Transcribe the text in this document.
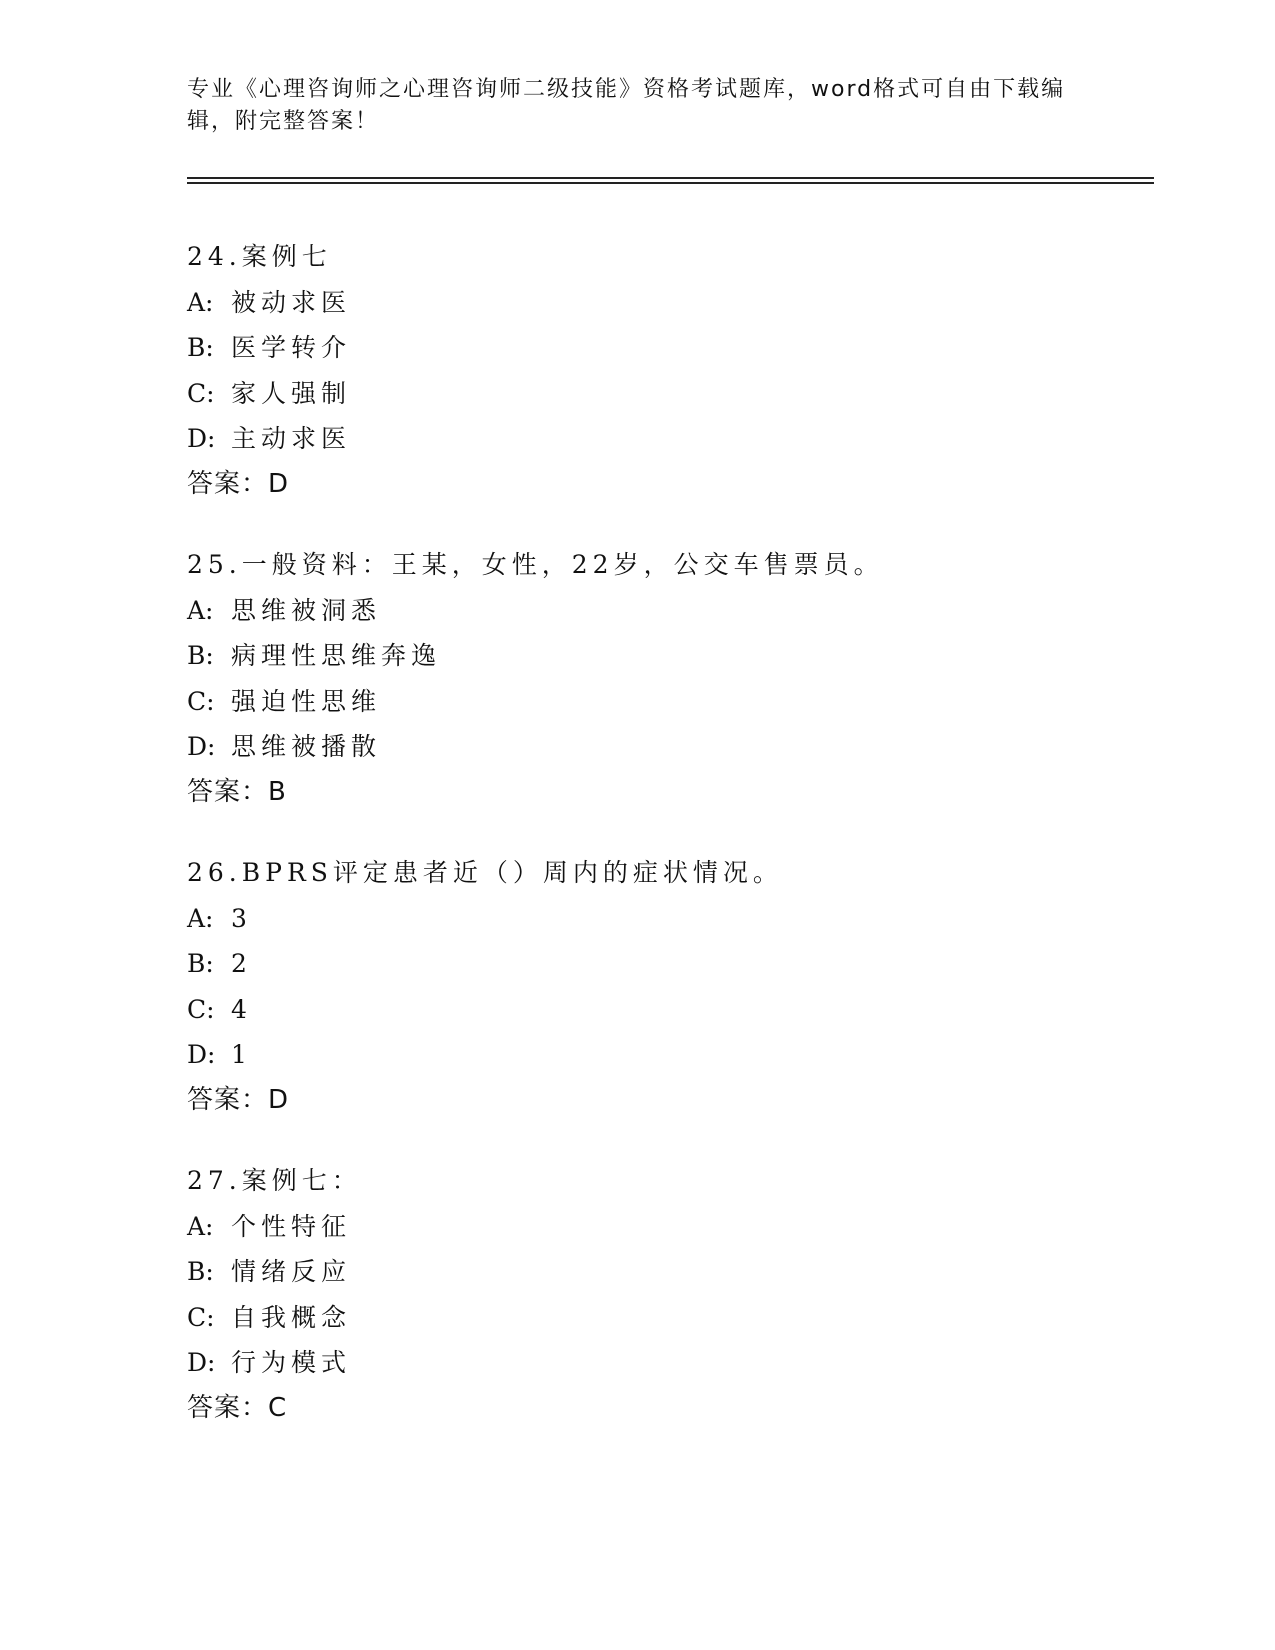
专业《心理咨询师之心理咨询师二级技能》资格考试题库，word格式可自由下载编辑，附完整答案！
24.案例七
A: 被动求医
B: 医学转介
C: 家人强制
D: 主动求医
答案：D
25.一般资料：王某，女性，22岁，公交车售票员。
A: 思维被洞悉
B: 病理性思维奔逸
C: 强迫性思维
D: 思维被播散
答案：B
26.BPRS评定患者近（）周内的症状情况。
A: 3
B: 2
C: 4
D: 1
答案：D
27.案例七：
A: 个性特征
B: 情绪反应
C: 自我概念
D: 行为模式
答案：C
